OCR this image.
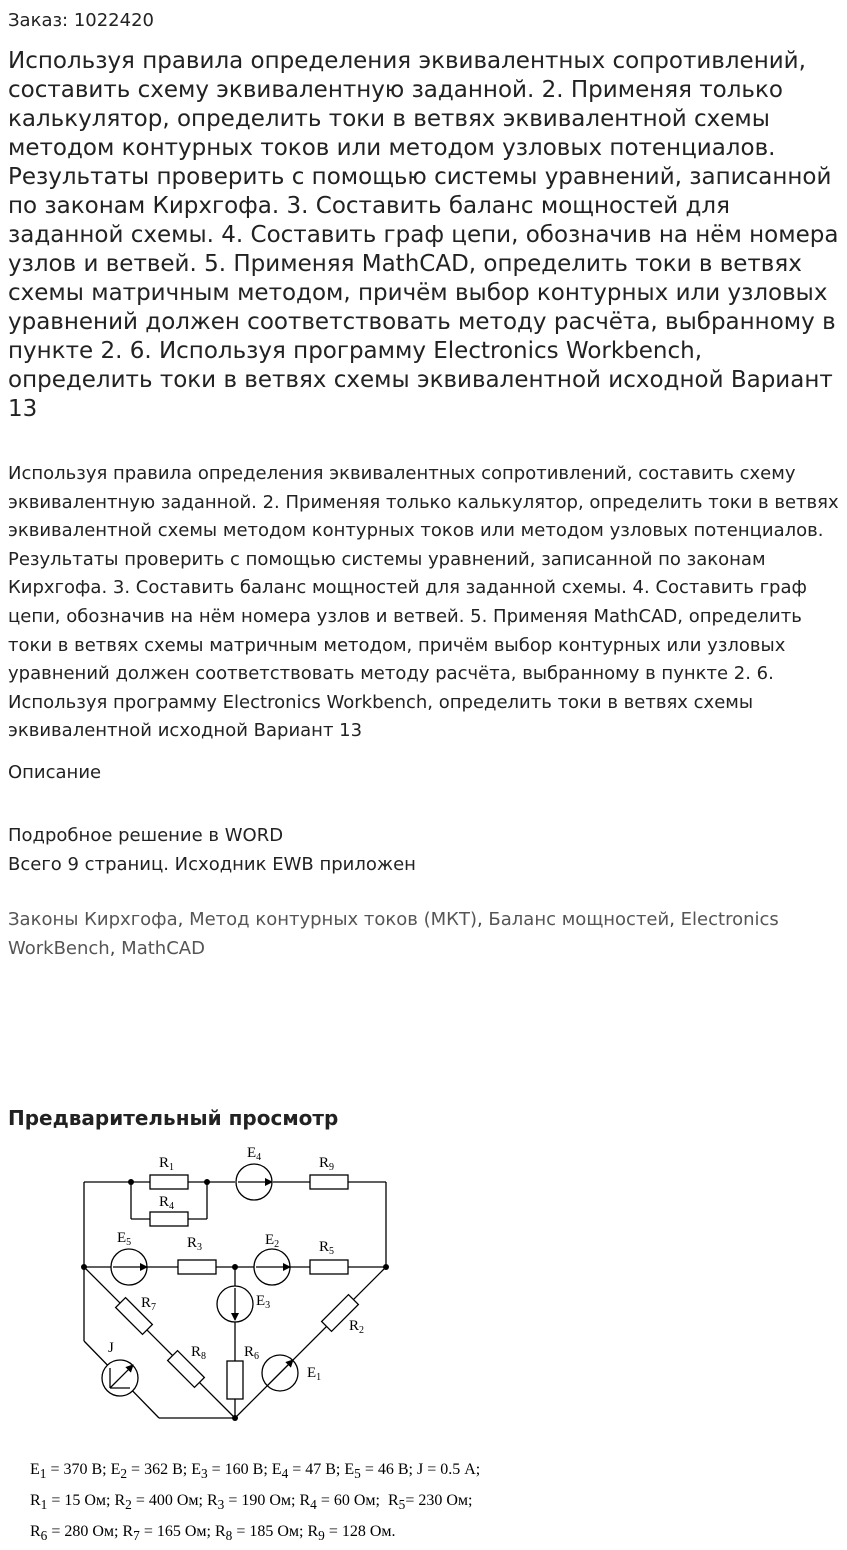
Заказ: 1022420
Используя правила определения эквивалентных сопротивлений, составить схему эквивалентную заданной. 2. Применяя только калькулятор, определить токи в ветвях эквивалентной схемы методом контурных токов или методом узловых потенциалов. Результаты проверить с помощью системы уравнений, записанной по законам Кирхгофа. 3. Составить баланс мощностей для заданной схемы. 4. Составить граф цепи, обозначив на нём номера узлов и ветвей. 5. Применяя MathCAD, определить токи в ветвях схемы матричным методом, причём выбор контурных или узловых уравнений должен соответствовать методу расчёта, выбранному в пункте 2. 6. Используя программу Electronics Workbench, определить токи в ветвях схемы эквивалентной исходной Вариант 13

Используя правила определения эквивалентных сопротивлений, составить схему эквивалентную заданной. 2. Применяя только калькулятор, определить токи в ветвях эквивалентной схемы методом контурных токов или методом узловых потенциалов. Результаты проверить с помощью системы уравнений, записанной по законам Кирхгофа. 3. Составить баланс мощностей для заданной схемы. 4. Составить граф цепи, обозначив на нём номера узлов и ветвей. 5. Применяя MathCAD, определить токи в ветвях схемы матричным методом, причём выбор контурных или узловых уравнений должен соответствовать методу расчёта, выбранному в пункте 2. 6. Используя программу Electronics Workbench, определить токи в ветвях схемы эквивалентной исходной Вариант 13

Описание
Подробное решение в WORD
Всего 9 страниц. Исходник EWB приложен
Законы Кирхгофа, Метод контурных токов (МКТ), Баланс мощностей, Electronics WorkBench, MathCAD
Предварительный просмотр
$R_1$
$R_4$
$E_4$	$R_9$
$E_5$	$R_3$	$E_2$	$R_5$
$E_3$
$R_7$
$R_2$
J	$R_8$	$R_6$
$E_1$
$E_1 = 370$ В; $E_2 = 362$ В; $E_3 = 160$ В; $E_4 = 47$ В; $E_5 = 46$ В; J = 0.5 А;
$R_1 = 15$ Ом; $R_2 = 400$ Ом; $R_3 = 190$ Ом; $R_4 = 60$ Ом;  $R_5= 230$ Ом;
$R_6 = 280$ Ом; $R_7 = 165$ Ом; $R_8 = 185$ Ом; $R_9 = 128$ Ом.
